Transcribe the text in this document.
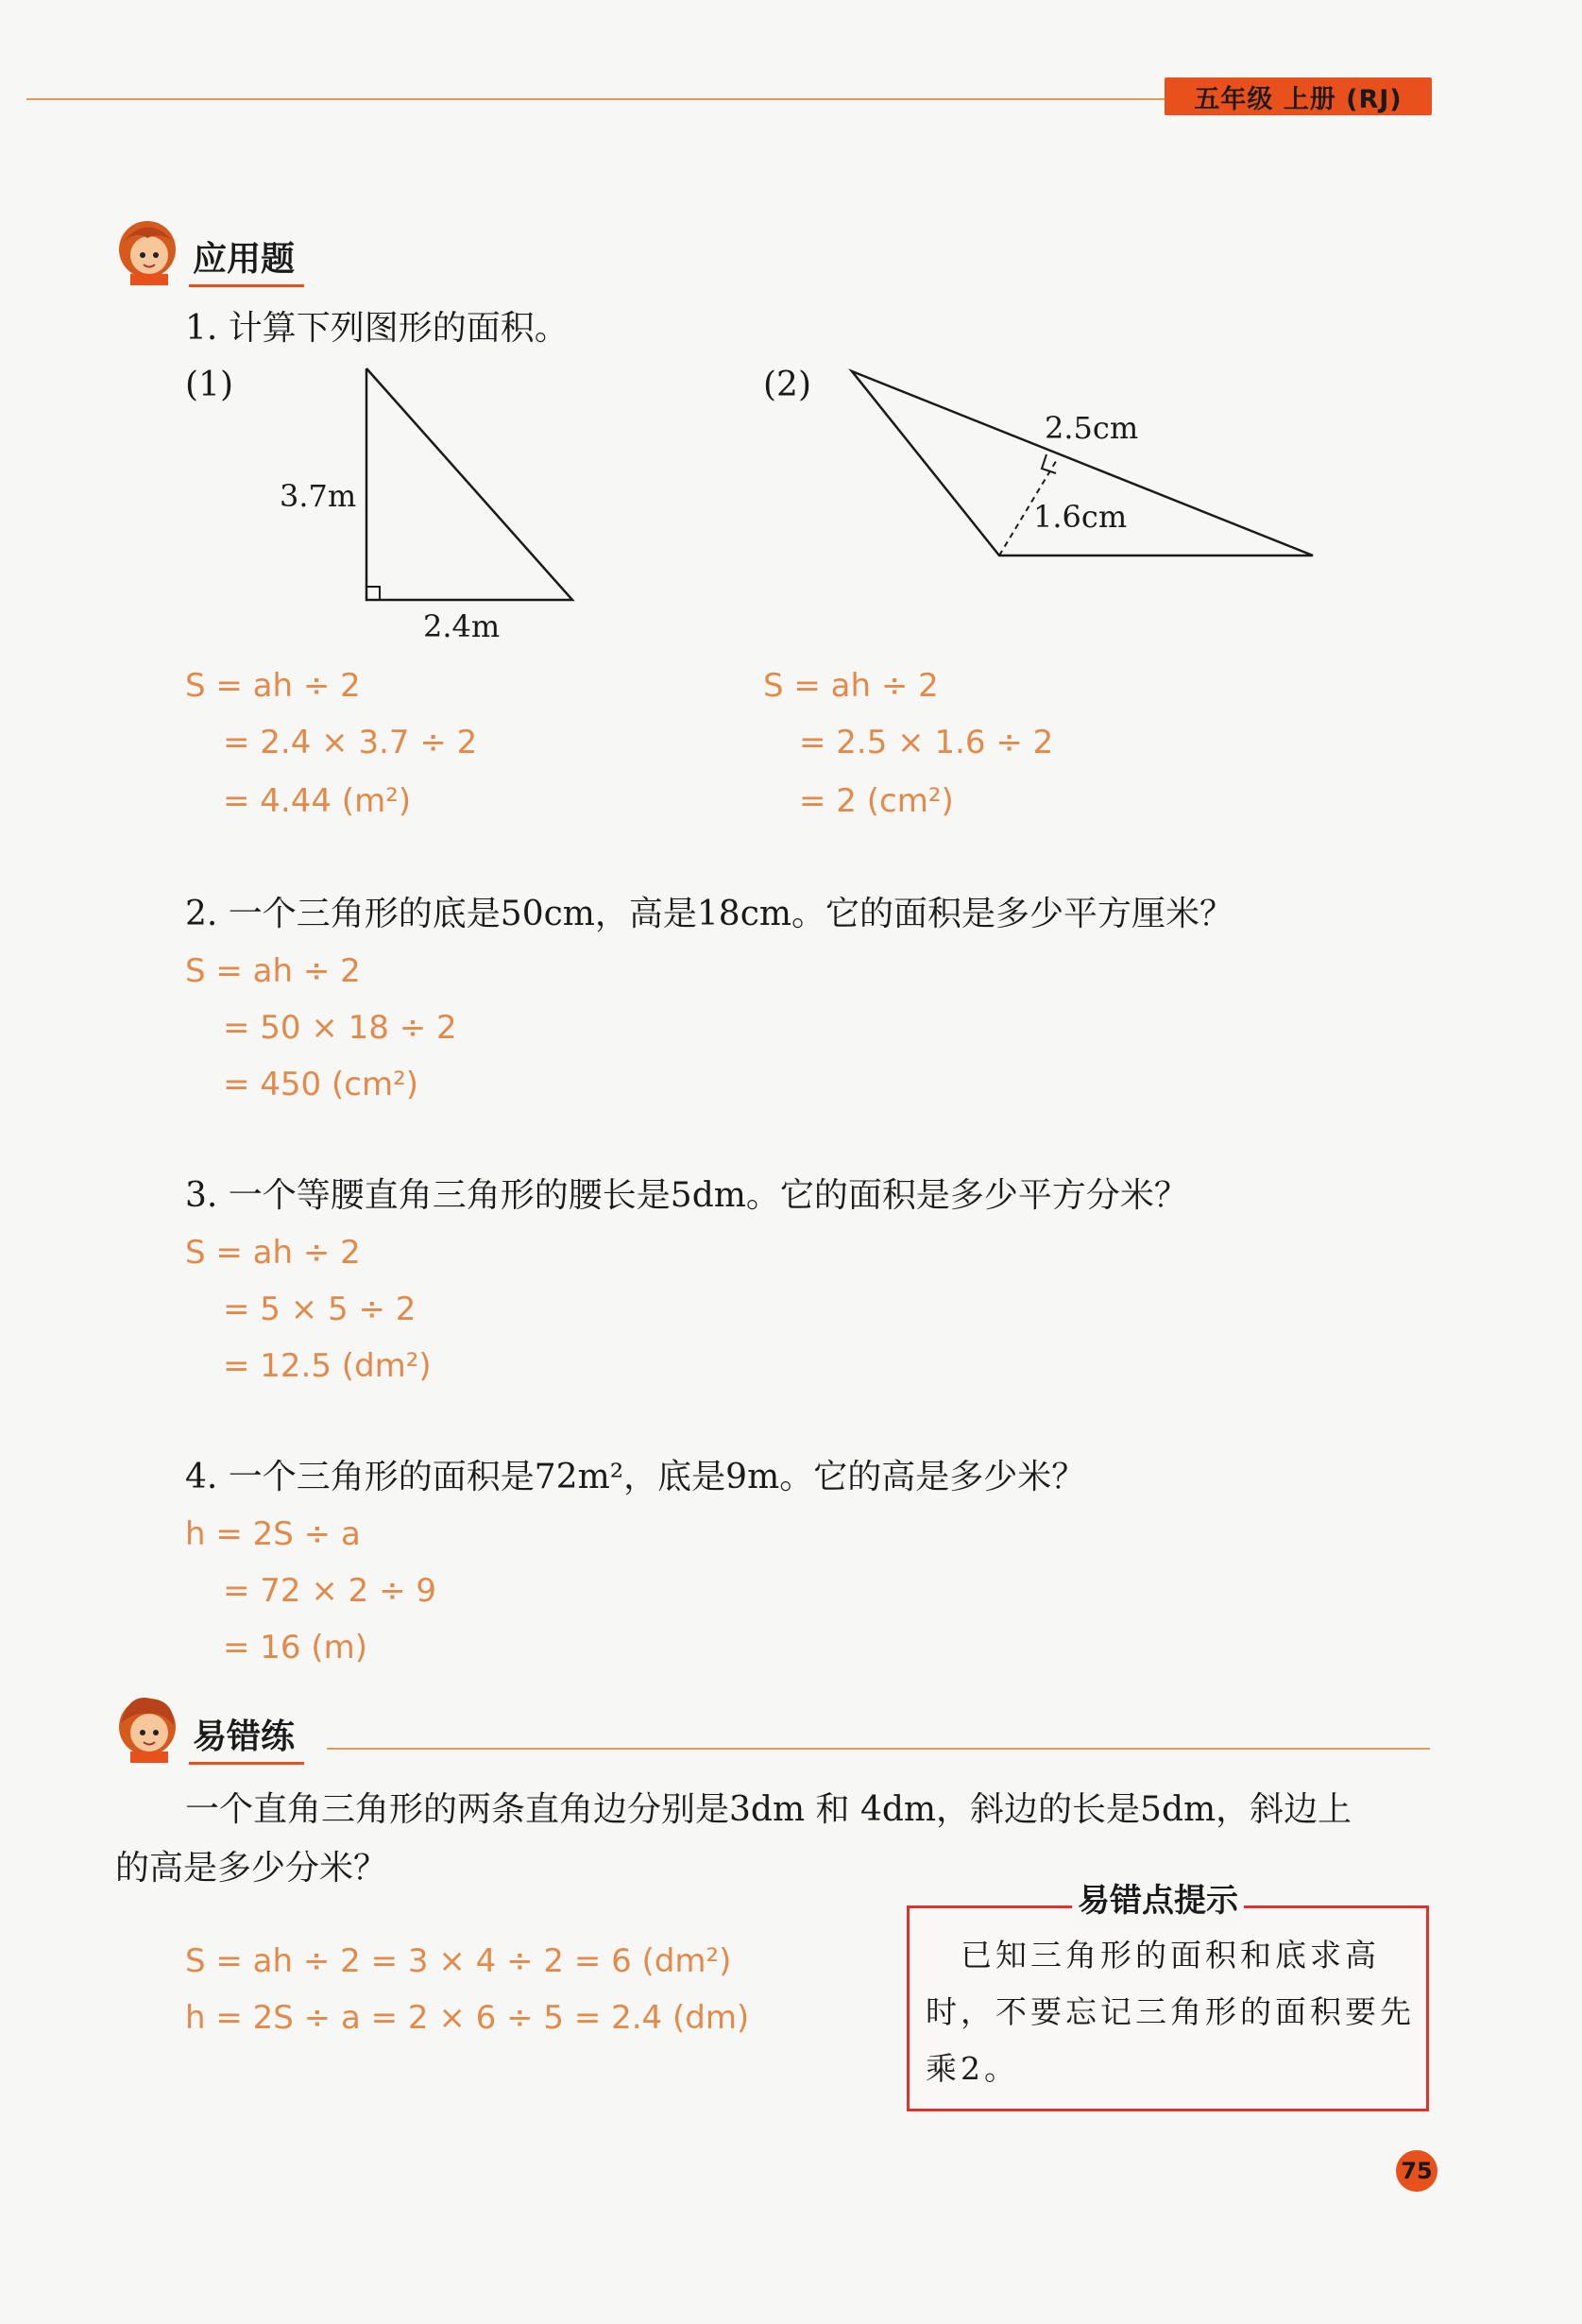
五年级 上册 (RJ)
应用题
1. 计算下列图形的面积。
(1)	(2)
3.7m
2.4m
2.5cm
1.6cm
S = ah ÷ 2
= 2.4 × 3.7 ÷ 2
= 4.44 (m²)
S = ah ÷ 2
= 2.5 × 1.6 ÷ 2
= 2 (cm²)
2. 一个三角形的底是50cm，高是18cm。它的面积是多少平方厘米？
S = ah ÷ 2
= 50 × 18 ÷ 2
= 450 (cm²)
3. 一个等腰直角三角形的腰长是5dm。它的面积是多少平方分米？
S = ah ÷ 2
= 5 × 5 ÷ 2
= 12.5 (dm²)
4. 一个三角形的面积是72m²，底是9m。它的高是多少米？
h = 2S ÷ a
= 72 × 2 ÷ 9
= 16 (m)
易错练
一个直角三角形的两条直角边分别是3dm 和 4dm，斜边的长是5dm，斜边上
的高是多少分米？
S = ah ÷ 2 = 3 × 4 ÷ 2 = 6 (dm²)
h = 2S ÷ a = 2 × 6 ÷ 5 = 2.4 (dm)
易错点提示
　已知三角形的面积和底求高时，不要忘记三角形的面积要先乘2。
75
